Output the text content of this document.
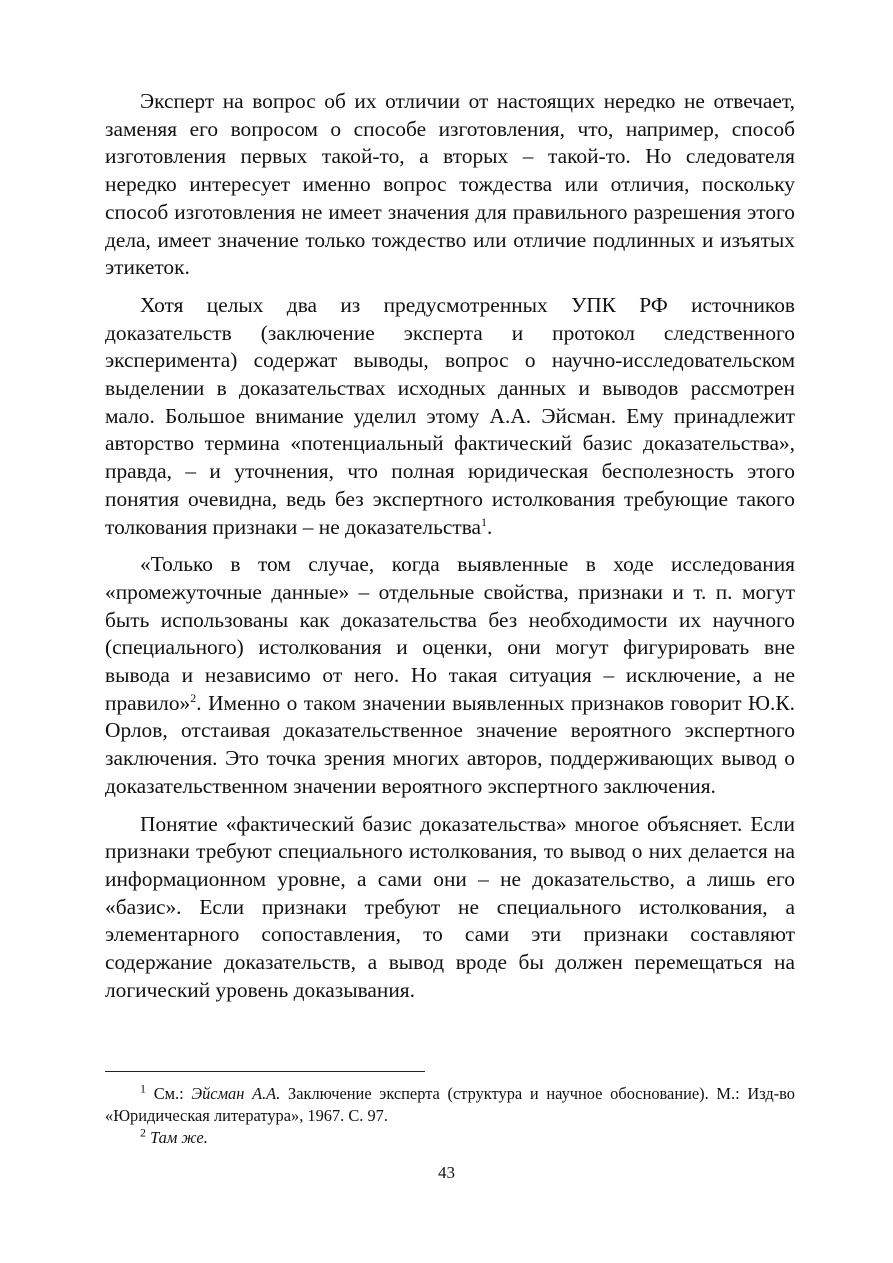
Эксперт на вопрос об их отличии от настоящих нередко не отвечает, заменяя его вопросом о способе изготовления, что, например, способ изготовления первых такой-то, а вторых – такой-то. Но следователя нередко интересует именно вопрос тождества или отличия, поскольку способ изготовления не имеет значения для правильного разрешения этого дела, имеет значение только тождество или отличие подлинных и изъятых этикеток.

Хотя целых два из предусмотренных УПК РФ источников доказательств (заключение эксперта и протокол следственного эксперимента) содержат выводы, вопрос о научно-исследовательском выделении в доказательствах исходных данных и выводов рассмотрен мало. Большое внимание уделил этому А.А. Эйсман. Ему принадлежит авторство термина «потенциальный фактический базис доказательства», правда, – и уточнения, что полная юридическая бесполезность этого понятия очевидна, ведь без экспертного истолкования требующие такого толкования признаки – не доказательства$^1$.

«Только в том случае, когда выявленные в ходе исследования «промежуточные данные» – отдельные свойства, признаки и т. п. могут быть использованы как доказательства без необходимости их научного (специального) истолкования и оценки, они могут фигурировать вне вывода и независимо от него. Но такая ситуация – исключение, а не правило»$^2$. Именно о таком значении выявленных признаков говорит Ю.К. Орлов, отстаивая доказательственное значение вероятного экспертного заключения. Это точка зрения многих авторов, поддерживающих вывод о доказательственном значении вероятного экспертного заключения.

Понятие «фактический базис доказательства» многое объясняет. Если признаки требуют специального истолкования, то вывод о них делается на информационном уровне, а сами они – не доказательство, а лишь его «базис». Если признаки требуют не специального истолкования, а элементарного сопоставления, то сами эти признаки составляют содержание доказательств, а вывод вроде бы должен перемещаться на логический уровень доказывания.

$^1$ См.: Эйсман А.А. Заключение эксперта (структура и научное обоснование). М.: Изд-во «Юридическая литература», 1967. С. 97.

$^2$ Там же.

43
